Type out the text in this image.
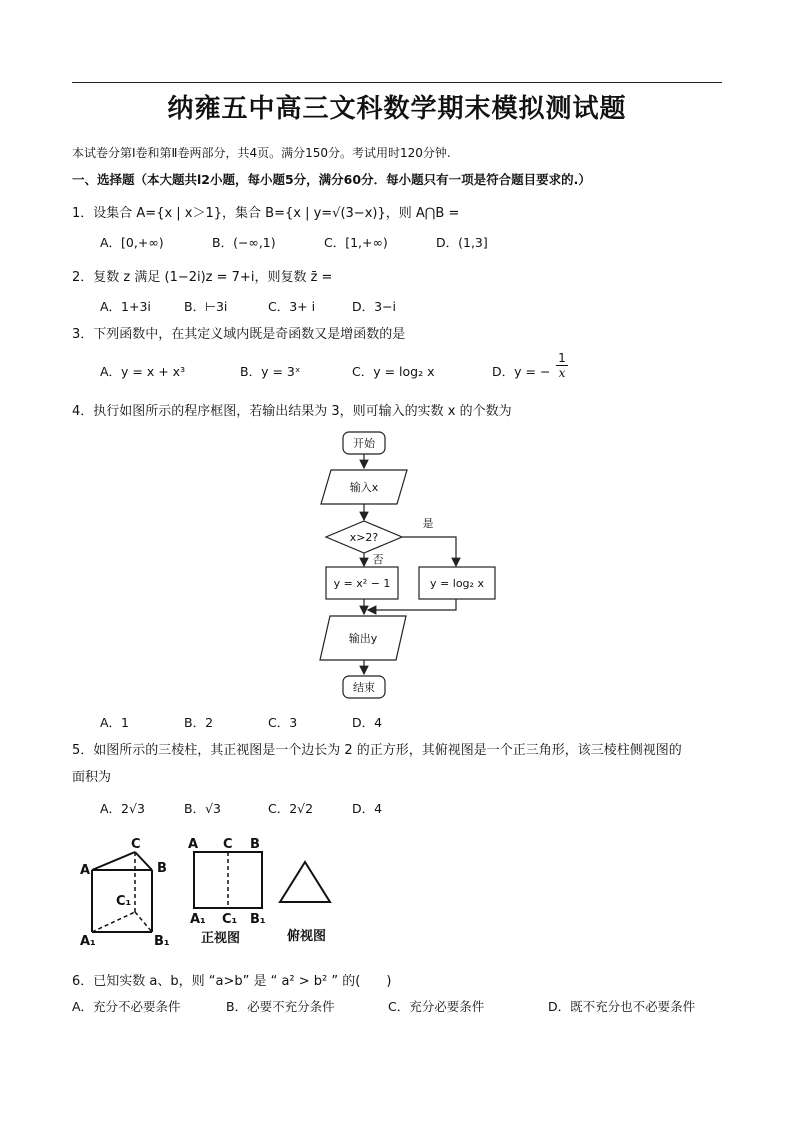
纳雍五中高三文科数学期末模拟测试题
本试卷分第Ⅰ卷和第Ⅱ卷两部分，共4页。满分150分。考试用时120分钟.
一、选择题（本大题共l2小题，每小题5分，满分60分．每小题只有一项是符合题目要求的.）
1．设集合 A={x | x＞1}，集合 B={x | y=√(3−x)}，则 A⋂B =
A．[0,+∞)	B．(−∞,1)	C．[1,+∞)	D．(1,3]
2．复数 z 满足 (1−2i)z = 7+i，则复数 z̄ =
A．1+3i	B．⊢3i	C．3+ i	D．3−i
3．下列函数中，在其定义域内既是奇函数又是增函数的是
A．y = x + x³	B．y = 3ˣ	C．y = log₂ x	D．y = − $\frac{1}{x}$
4．执行如图所示的程序框图，若输出结果为 3，则可输入的实数 x 的个数为
开始
输入x
x>2?
是
否
y = x² − 1	y = log₂ x
输出y
结束
A．1	B．2	C．3	D．4
5．如图所示的三棱柱，其正视图是一个边长为 2 的正方形，其俯视图是一个正三角形，该三棱柱侧视图的
面积为
A．2√3	B．√3	C．2√2	D．4
A
C
B
C₁
A₁	B₁
A C B
A₁ C₁ B₁
正视图	俯视图
6．已知实数 a、b，则 “a>b” 是 “ a² > b² ” 的(　　)
A．充分不必要条件	B．必要不充分条件	C．充分必要条件	D．既不充分也不必要条件
